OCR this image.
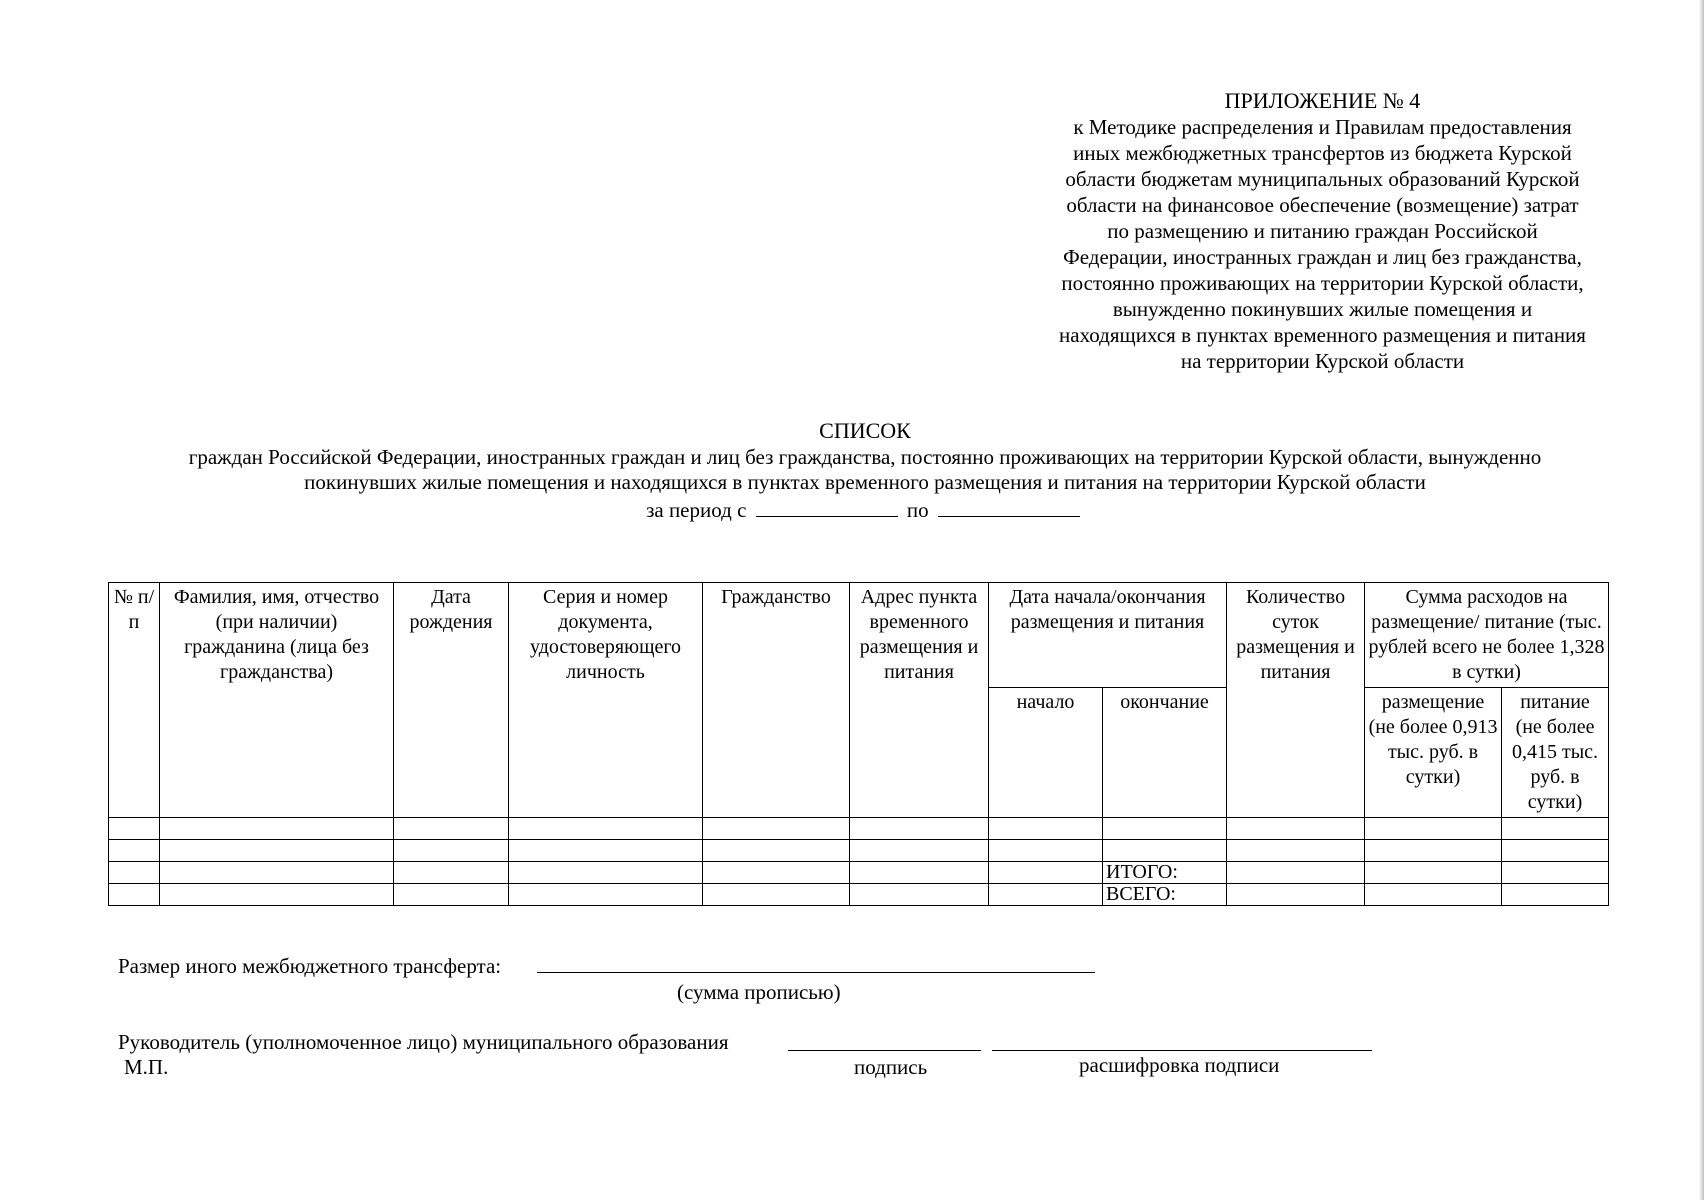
ПРИЛОЖЕНИЕ № 4
к Методике распределения и Правилам предоставления
иных межбюджетных трансфертов из бюджета Курской
области бюджетам муниципальных образований Курской
области на финансовое обеспечение (возмещение) затрат
по размещению и питанию граждан Российской
Федерации, иностранных граждан и лиц без гражданства,
постоянно проживающих на территории Курской области,
вынужденно покинувших жилые помещения и
находящихся в пунктах временного размещения и питания
на территории Курской области
СПИСОК
граждан Российской Федерации, иностранных граждан и лиц без гражданства, постоянно проживающих на территории Курской области, вынужденно
покинувших жилые помещения и находящихся в пунктах временного размещения и питания на территории Курской области
за период с	по
№ п/п	Фамилия, имя, отчество (при наличии) гражданина (лица без гражданства)	Дата рождения	Серия и номер документа, удостоверяющего личность	Гражданство	Адрес пункта временного размещения и питания	Дата начала/окончания размещения и питания		Количество суток размещения и питания	Сумма расходов на размещение/ питание (тыс. рублей всего не более 1,328 в сутки)	
						начало	окончание		размещение (не более 0,913 тыс. руб. в сутки)	питание (не более 0,415 тыс. руб. в сутки)

							ИТОГО:			
							ВСЕГО:			
Размер иного межбюджетного трансферта:
(сумма прописью)
Руководитель (уполномоченное лицо) муниципального образования
М.П.	подпись	расшифровка подписи
